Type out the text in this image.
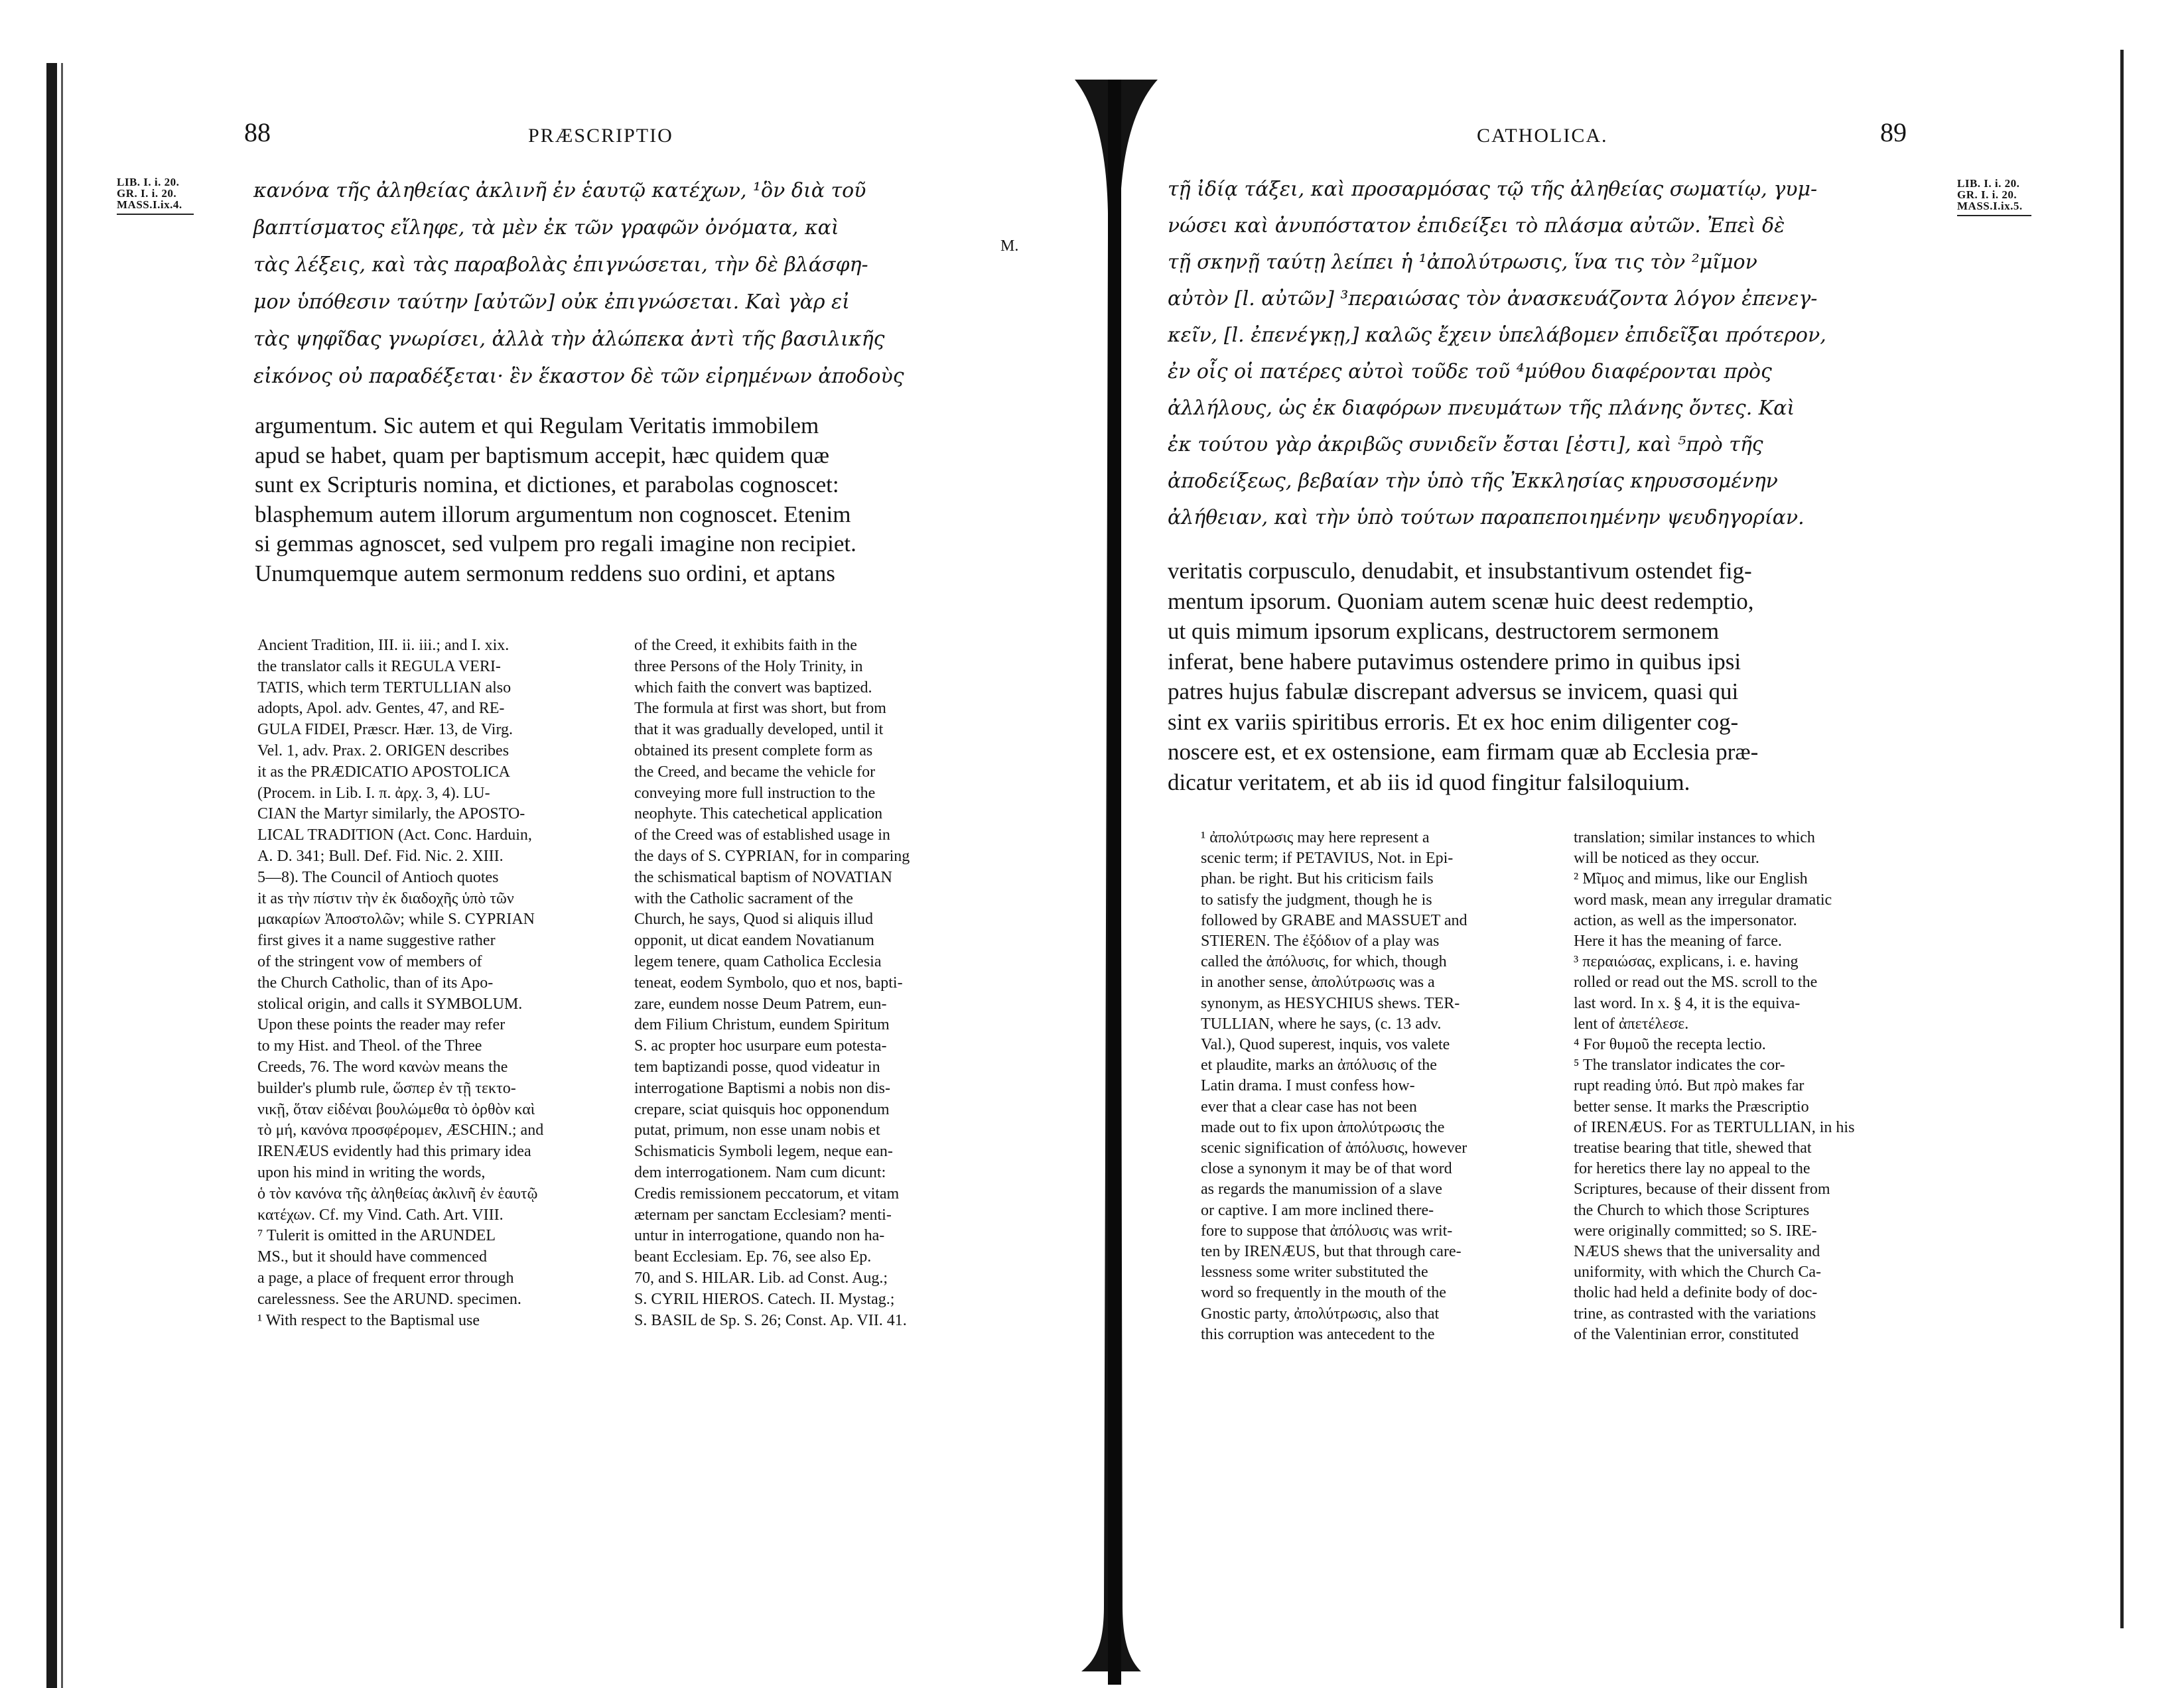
88	PRÆSCRIPTIO
LIB. I. i. 20.
GR. I. i. 20.
MASS.I.ix.4.
M.
κανόνα τῆς ἀληθείας ἀκλινῆ ἐν ἑαυτῷ κατέχων, ¹ὃν διὰ τοῦ
βαπτίσματος εἴληφε, τὰ μὲν ἐκ τῶν γραφῶν ὀνόματα, καὶ
τὰς λέξεις, καὶ τὰς παραβολὰς ἐπιγνώσεται, τὴν δὲ βλάσφη-
μον ὑπόθεσιν ταύτην [αὐτῶν] οὐκ ἐπιγνώσεται. Καὶ γὰρ εἰ
τὰς ψηφῖδας γνωρίσει, ἀλλὰ τὴν ἀλώπεκα ἀντὶ τῆς βασιλικῆς
εἰκόνος οὐ παραδέξεται· ἓν ἕκαστον δὲ τῶν εἰρημένων ἀποδοὺς
argumentum. Sic autem et qui Regulam Veritatis immobilem
apud se habet, quam per baptismum accepit, hæc quidem quæ
sunt ex Scripturis nomina, et dictiones, et parabolas cognoscet:
blasphemum autem illorum argumentum non cognoscet. Etenim
si gemmas agnoscet, sed vulpem pro regali imagine non recipiet.
Unumquemque autem sermonum reddens suo ordini, et aptans
Ancient Tradition, III. ii. iii.; and I. xix.
the translator calls it REGULA VERI-
TATIS, which term TERTULLIAN also
adopts, Apol. adv. Gentes, 47, and RE-
GULA FIDEI, Præscr. Hær. 13, de Virg.
Vel. 1, adv. Prax. 2. ORIGEN describes
it as the PRÆDICATIO APOSTOLICA
(Procem. in Lib. I. π. ἀρχ. 3, 4). LU-
CIAN the Martyr similarly, the APOSTO-
LICAL TRADITION (Act. Conc. Harduin,
A. D. 341; Bull. Def. Fid. Nic. 2. XIII.
5—8). The Council of Antioch quotes
it as τὴν πίστιν τὴν ἐκ διαδοχῆς ὑπὸ τῶν
μακαρίων Ἀποστολῶν; while S. CYPRIAN
first gives it a name suggestive rather
of the stringent vow of members of
the Church Catholic, than of its Apo-
stolical origin, and calls it SYMBOLUM.
Upon these points the reader may refer
to my Hist. and Theol. of the Three
Creeds, 76. The word κανὼν means the
builder's plumb rule, ὥσπερ ἐν τῇ τεκτο-
νικῇ, ὅταν εἰδέναι βουλώμεθα τὸ ὀρθὸν καὶ
τὸ μή, κανόνα προσφέρομεν, ÆSCHIN.; and
IRENÆUS evidently had this primary idea
upon his mind in writing the words,
ὁ τὸν κανόνα τῆς ἀληθείας ἀκλινῆ ἐν ἑαυτῷ
κατέχων. Cf. my Vind. Cath. Art. VIII.
⁷ Tulerit is omitted in the ARUNDEL
MS., but it should have commenced
a page, a place of frequent error through
carelessness. See the ARUND. specimen.
¹ With respect to the Baptismal use
of the Creed, it exhibits faith in the
three Persons of the Holy Trinity, in
which faith the convert was baptized.
The formula at first was short, but from
that it was gradually developed, until it
obtained its present complete form as
the Creed, and became the vehicle for
conveying more full instruction to the
neophyte. This catechetical application
of the Creed was of established usage in
the days of S. CYPRIAN, for in comparing
the schismatical baptism of NOVATIAN
with the Catholic sacrament of the
Church, he says, Quod si aliquis illud
opponit, ut dicat eandem Novatianum
legem tenere, quam Catholica Ecclesia
teneat, eodem Symbolo, quo et nos, bapti-
zare, eundem nosse Deum Patrem, eun-
dem Filium Christum, eundem Spiritum
S. ac propter hoc usurpare eum potesta-
tem baptizandi posse, quod videatur in
interrogatione Baptismi a nobis non dis-
crepare, sciat quisquis hoc opponendum
putat, primum, non esse unam nobis et
Schismaticis Symboli legem, neque ean-
dem interrogationem. Nam cum dicunt:
Credis remissionem peccatorum, et vitam
æternam per sanctam Ecclesiam? menti-
untur in interrogatione, quando non ha-
beant Ecclesiam. Ep. 76, see also Ep.
70, and S. HILAR. Lib. ad Const. Aug.;
S. CYRIL HIEROS. Catech. II. Mystag.;
S. BASIL de Sp. S. 26; Const. Ap. VII. 41.
CATHOLICA.	89
LIB. I. i. 20.
GR. I. i. 20.
MASS.I.ix.5.
τῇ ἰδίᾳ τάξει, καὶ προσαρμόσας τῷ τῆς ἀληθείας σωματίῳ, γυμ-
νώσει καὶ ἀνυπόστατον ἐπιδείξει τὸ πλάσμα αὐτῶν. Ἐπεὶ δὲ
τῇ σκηνῇ ταύτῃ λείπει ἡ ¹ἀπολύτρωσις, ἵνα τις τὸν ²μῖμον
αὐτὸν [l. αὐτῶν] ³περαιώσας τὸν ἀνασκευάζοντα λόγον ἐπενεγ-
κεῖν, [l. ἐπενέγκῃ,] καλῶς ἔχειν ὑπελάβομεν ἐπιδεῖξαι πρότερον,
ἐν οἷς οἱ πατέρες αὐτοὶ τοῦδε τοῦ ⁴μύθου διαφέρονται πρὸς
ἀλλήλους, ὡς ἐκ διαφόρων πνευμάτων τῆς πλάνης ὄντες. Καὶ
ἐκ τούτου γὰρ ἀκριβῶς συνιδεῖν ἔσται [ἐστι], καὶ ⁵πρὸ τῆς
ἀποδείξεως, βεβαίαν τὴν ὑπὸ τῆς Ἐκκλησίας κηρυσσομένην
ἀλήθειαν, καὶ τὴν ὑπὸ τούτων παραπεποιημένην ψευδηγορίαν.
veritatis corpusculo, denudabit, et insubstantivum ostendet fig-
mentum ipsorum. Quoniam autem scenæ huic deest redemptio,
ut quis mimum ipsorum explicans, destructorem sermonem
inferat, bene habere putavimus ostendere primo in quibus ipsi
patres hujus fabulæ discrepant adversus se invicem, quasi qui
sint ex variis spiritibus erroris. Et ex hoc enim diligenter cog-
noscere est, et ex ostensione, eam firmam quæ ab Ecclesia præ-
dicatur veritatem, et ab iis id quod fingitur falsiloquium.
¹ ἀπολύτρωσις may here represent a
scenic term; if PETAVIUS, Not. in Epi-
phan. be right. But his criticism fails
to satisfy the judgment, though he is
followed by GRABE and MASSUET and
STIEREN. The ἐξόδιον of a play was
called the ἀπόλυσις, for which, though
in another sense, ἀπολύτρωσις was a
synonym, as HESYCHIUS shews. TER-
TULLIAN, where he says, (c. 13 adv.
Val.), Quod superest, inquis, vos valete
et plaudite, marks an ἀπόλυσις of the
Latin drama. I must confess how-
ever that a clear case has not been
made out to fix upon ἀπολύτρωσις the
scenic signification of ἀπόλυσις, however
close a synonym it may be of that word
as regards the manumission of a slave
or captive. I am more inclined there-
fore to suppose that ἀπόλυσις was writ-
ten by IRENÆUS, but that through care-
lessness some writer substituted the
word so frequently in the mouth of the
Gnostic party, ἀπολύτρωσις, also that
this corruption was antecedent to the
translation; similar instances to which
will be noticed as they occur.
² Μῖμος and mimus, like our English
word mask, mean any irregular dramatic
action, as well as the impersonator.
Here it has the meaning of farce.
³ περαιώσας, explicans, i. e. having
rolled or read out the MS. scroll to the
last word. In x. § 4, it is the equiva-
lent of ἀπετέλεσε.
⁴ For θυμοῦ the recepta lectio.
⁵ The translator indicates the cor-
rupt reading ὑπό. But πρὸ makes far
better sense. It marks the Præscriptio
of IRENÆUS. For as TERTULLIAN, in his
treatise bearing that title, shewed that
for heretics there lay no appeal to the
Scriptures, because of their dissent from
the Church to which those Scriptures
were originally committed; so S. IRE-
NÆUS shews that the universality and
uniformity, with which the Church Ca-
tholic had held a definite body of doc-
trine, as contrasted with the variations
of the Valentinian error, constituted
